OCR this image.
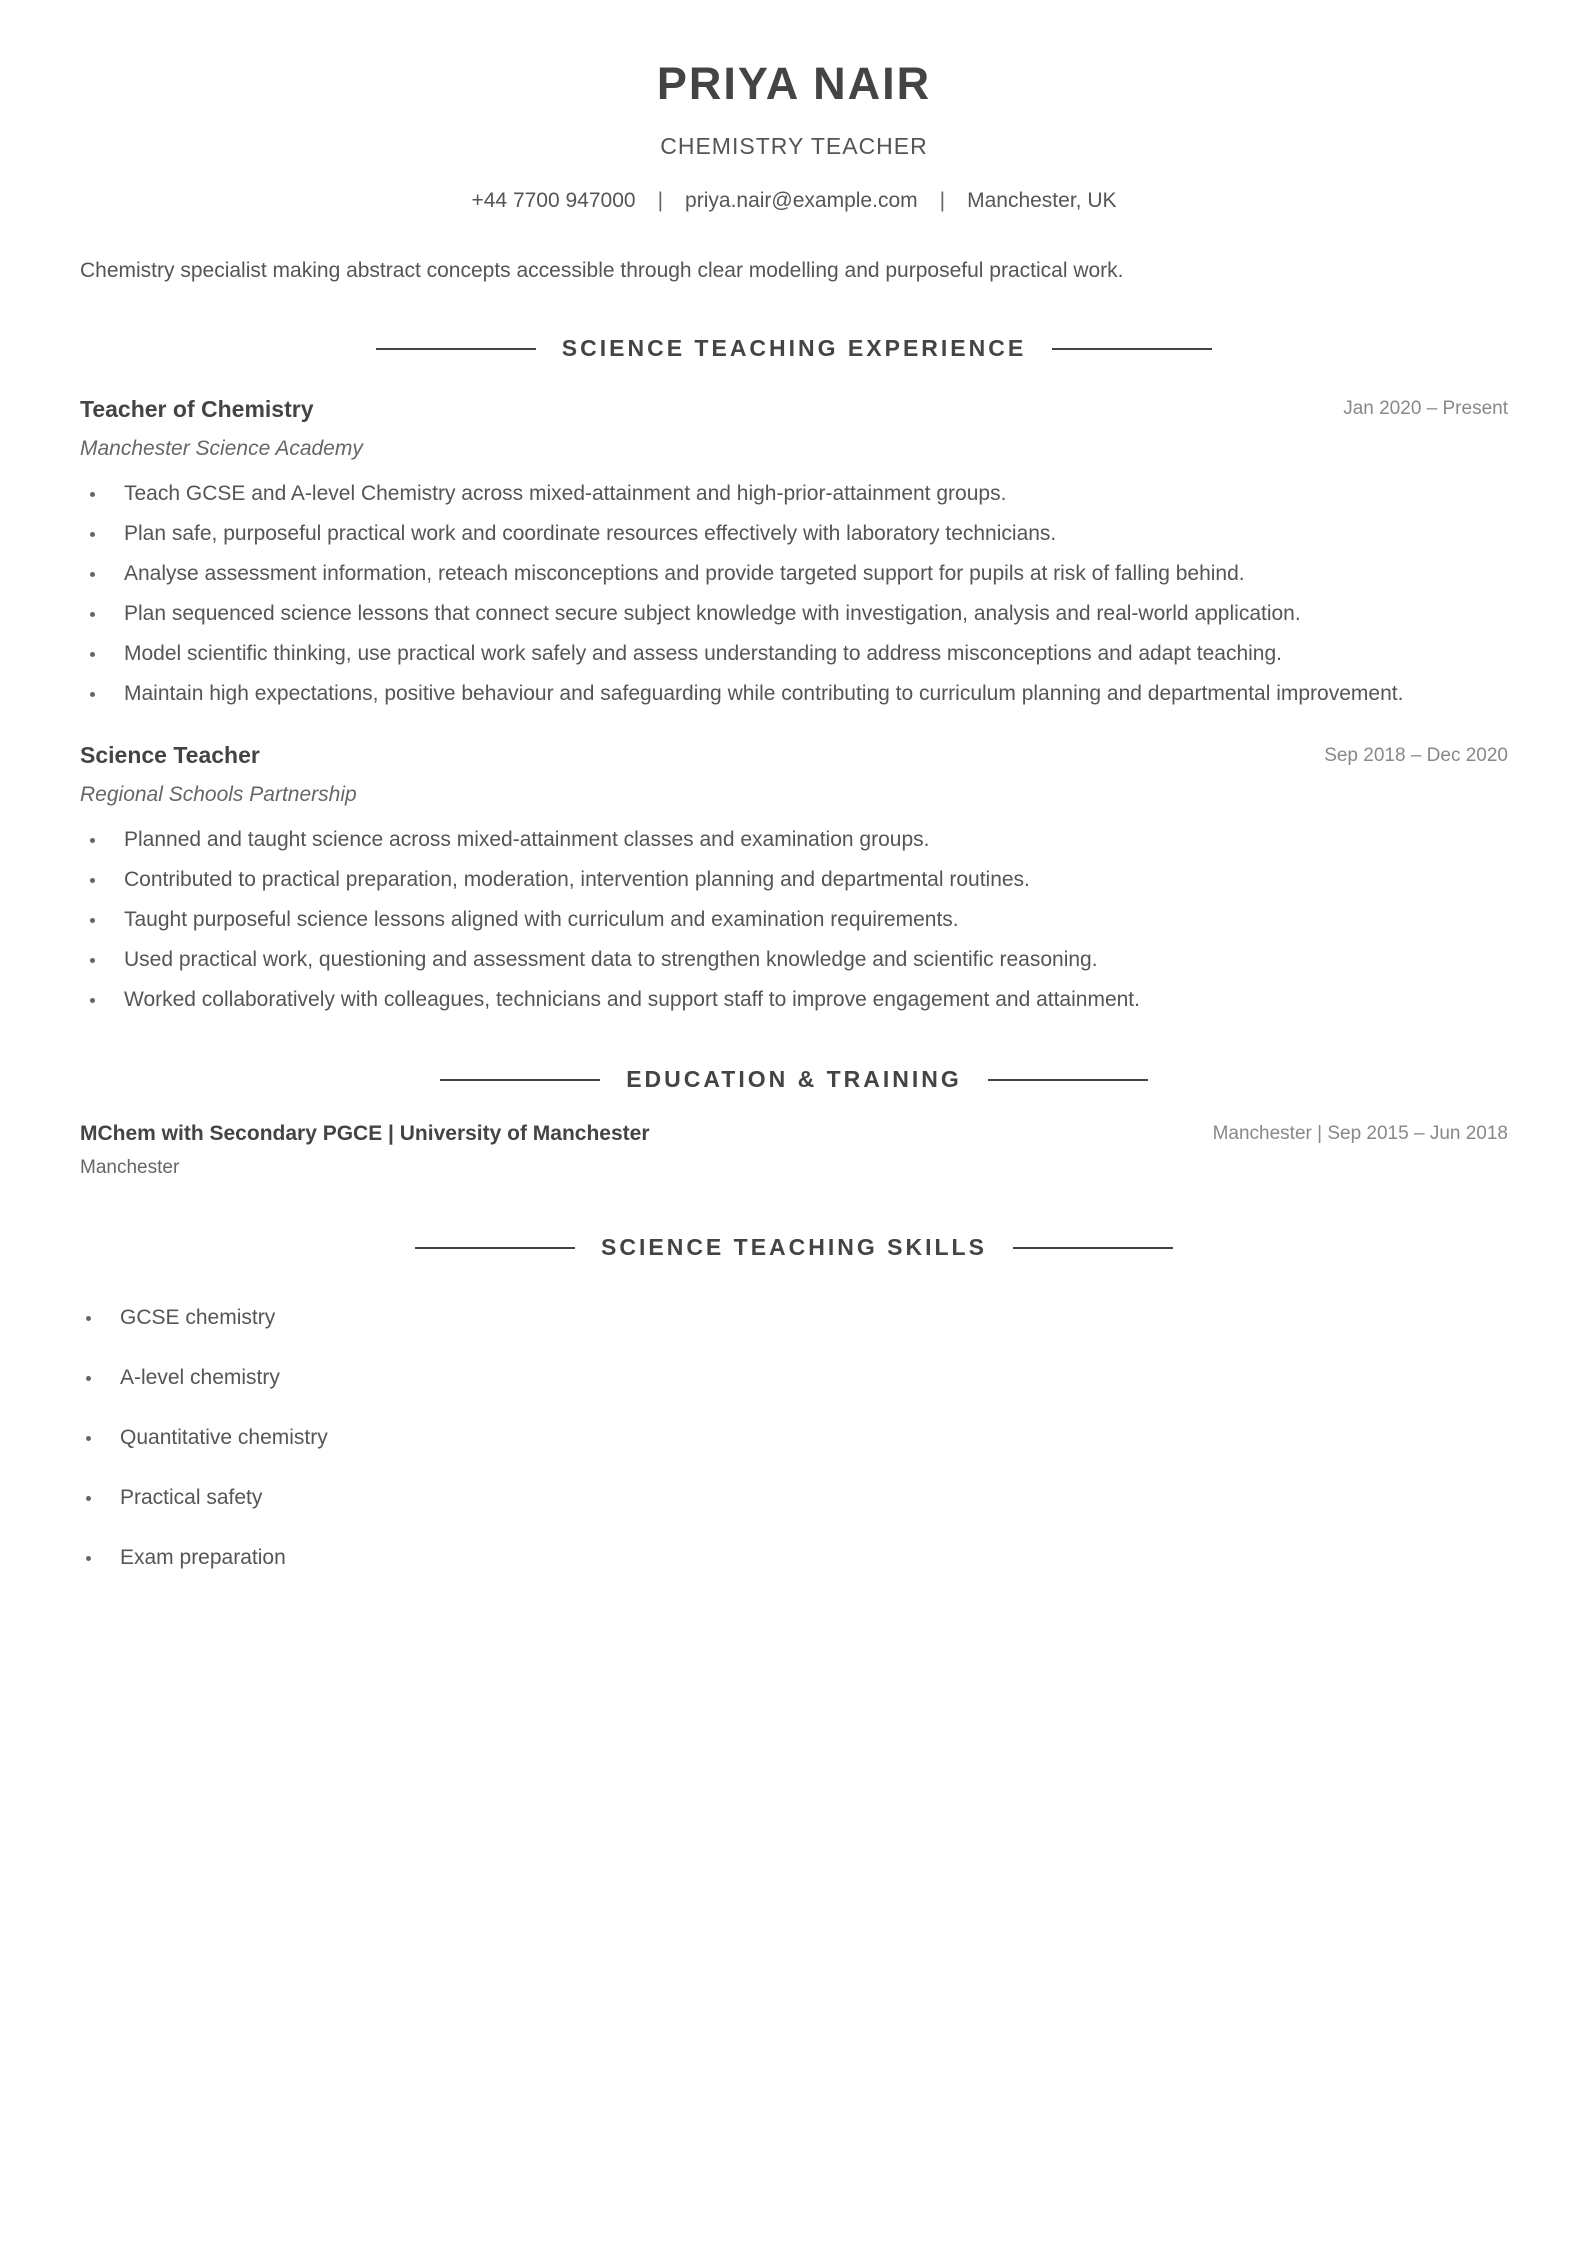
PRIYA NAIR
CHEMISTRY TEACHER
+44 7700 947000 | priya.nair@example.com | Manchester, UK
Chemistry specialist making abstract concepts accessible through clear modelling and purposeful practical work.
SCIENCE TEACHING EXPERIENCE
Teacher of Chemistry	Jan 2020 – Present
Manchester Science Academy
Teach GCSE and A-level Chemistry across mixed-attainment and high-prior-attainment groups.
Plan safe, purposeful practical work and coordinate resources effectively with laboratory technicians.
Analyse assessment information, reteach misconceptions and provide targeted support for pupils at risk of falling behind.
Plan sequenced science lessons that connect secure subject knowledge with investigation, analysis and real-world application.
Model scientific thinking, use practical work safely and assess understanding to address misconceptions and adapt teaching.
Maintain high expectations, positive behaviour and safeguarding while contributing to curriculum planning and departmental improvement.
Science Teacher	Sep 2018 – Dec 2020
Regional Schools Partnership
Planned and taught science across mixed-attainment classes and examination groups.
Contributed to practical preparation, moderation, intervention planning and departmental routines.
Taught purposeful science lessons aligned with curriculum and examination requirements.
Used practical work, questioning and assessment data to strengthen knowledge and scientific reasoning.
Worked collaboratively with colleagues, technicians and support staff to improve engagement and attainment.
EDUCATION & TRAINING
MChem with Secondary PGCE | University of Manchester	Manchester | Sep 2015 – Jun 2018
Manchester
SCIENCE TEACHING SKILLS
GCSE chemistry
A-level chemistry
Quantitative chemistry
Practical safety
Exam preparation
